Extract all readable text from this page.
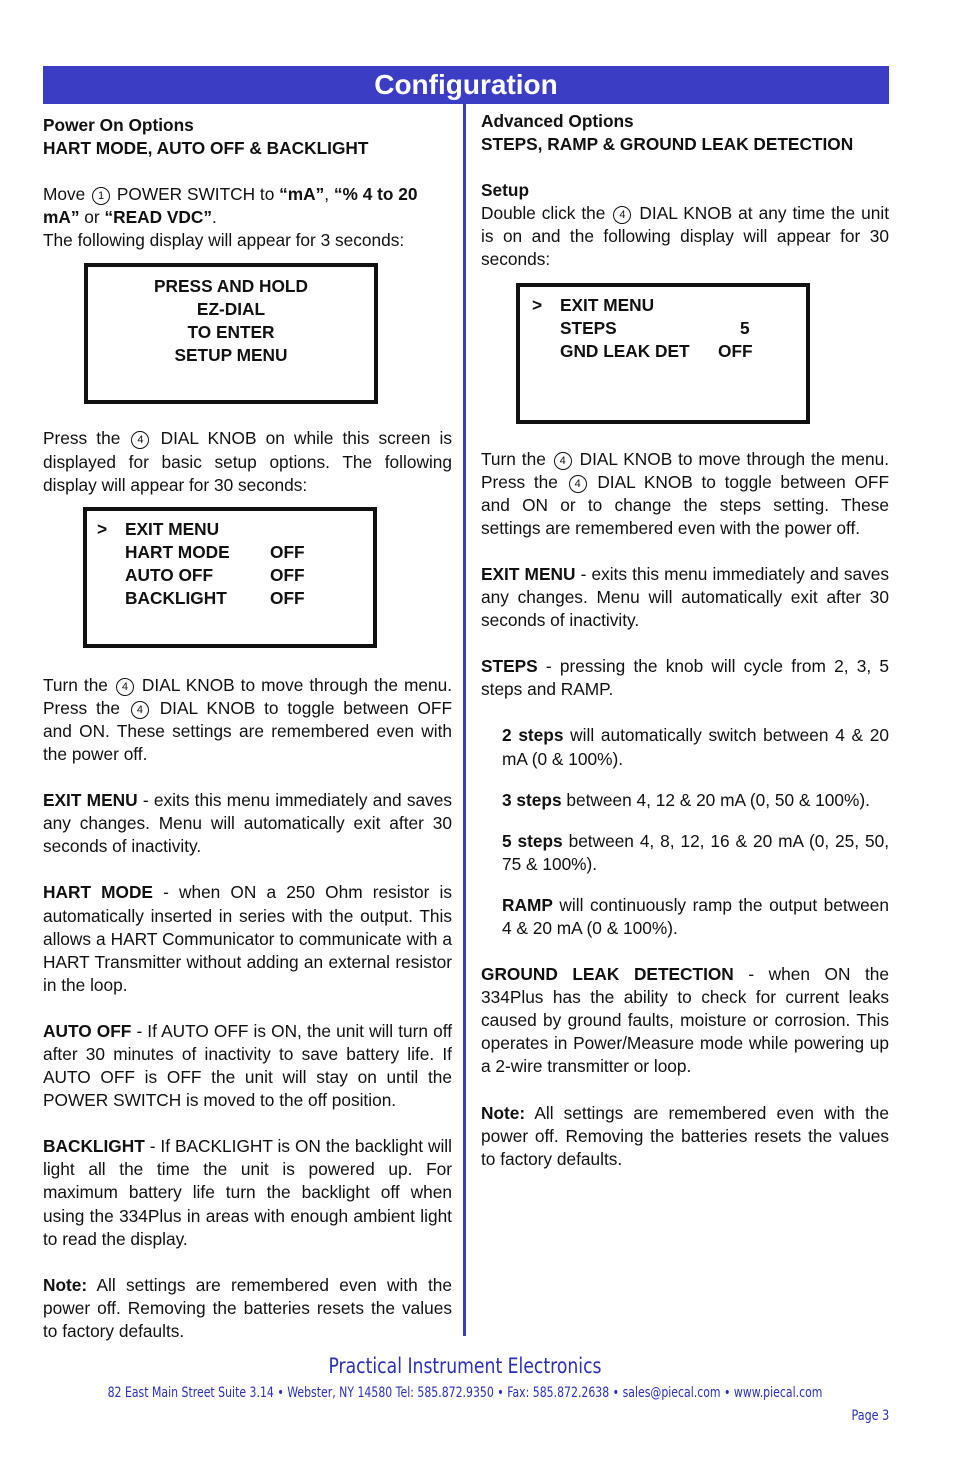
Configuration

Power On Options

HART MODE, AUTO OFF & BACKLIGHT

Move 1 POWER SWITCH to “mA”, “% 4 to 20 mA” or “READ VDC”.

The following display will appear for 3 seconds:

PRESS AND HOLD
EZ-DIAL
TO ENTER
SETUP MENU

Press the 4 DIAL KNOB on while this screen is displayed for basic setup options. The following display will appear for 30 seconds:

>	EXIT MENU
HART MODE	OFF
AUTO OFF	OFF
BACKLIGHT	OFF

Turn the 4 DIAL KNOB to move through the menu. Press the 4 DIAL KNOB to toggle between OFF and ON. These settings are remembered even with the power off.

EXIT MENU - exits this menu immediately and saves any changes. Menu will automatically exit after 30 seconds of inactivity.

HART MODE - when ON a 250 Ohm resistor is automatically inserted in series with the output. This allows a HART Communicator to communicate with a HART Transmitter without adding an external resistor in the loop.

AUTO OFF - If AUTO OFF is ON, the unit will turn off after 30 minutes of inactivity to save battery life. If AUTO OFF is OFF the unit will stay on until the POWER SWITCH is moved to the off position.

BACKLIGHT - If BACKLIGHT is ON the backlight will light all the time the unit is powered up. For maximum battery life turn the backlight off when using the 334Plus in areas with enough ambient light to read the display.

Note: All settings are remembered even with the power off. Removing the batteries resets the values to factory defaults.

Advanced Options

STEPS, RAMP & GROUND LEAK DETECTION

Setup

Double click the 4 DIAL KNOB at any time the unit is on and the following display will appear for 30 seconds:

>	EXIT MENU
STEPS	5
GND LEAK DET	OFF

Turn the 4 DIAL KNOB to move through the menu. Press the 4 DIAL KNOB to toggle between OFF and ON or to change the steps setting. These settings are remembered even with the power off.

EXIT MENU - exits this menu immediately and saves any changes. Menu will automatically exit after 30 seconds of inactivity.

STEPS - pressing the knob will cycle from 2, 3, 5 steps and RAMP.

2 steps will automatically switch between 4 & 20 mA (0 & 100%).

3 steps between 4, 12 & 20 mA (0, 50 & 100%).

5 steps between 4, 8, 12, 16 & 20 mA (0, 25, 50, 75 & 100%).

RAMP will continuously ramp the output between 4 & 20 mA (0 & 100%).

GROUND LEAK DETECTION - when ON the 334Plus has the ability to check for current leaks caused by ground faults, moisture or corrosion. This operates in Power/Measure mode while powering up a 2-wire transmitter or loop.

Note: All settings are remembered even with the power off. Removing the batteries resets the values to factory defaults.

Practical Instrument Electronics
82 East Main Street Suite 3.14 • Webster, NY 14580 Tel: 585.872.9350 • Fax: 585.872.2638 • sales@piecal.com • www.piecal.com
Page 3
